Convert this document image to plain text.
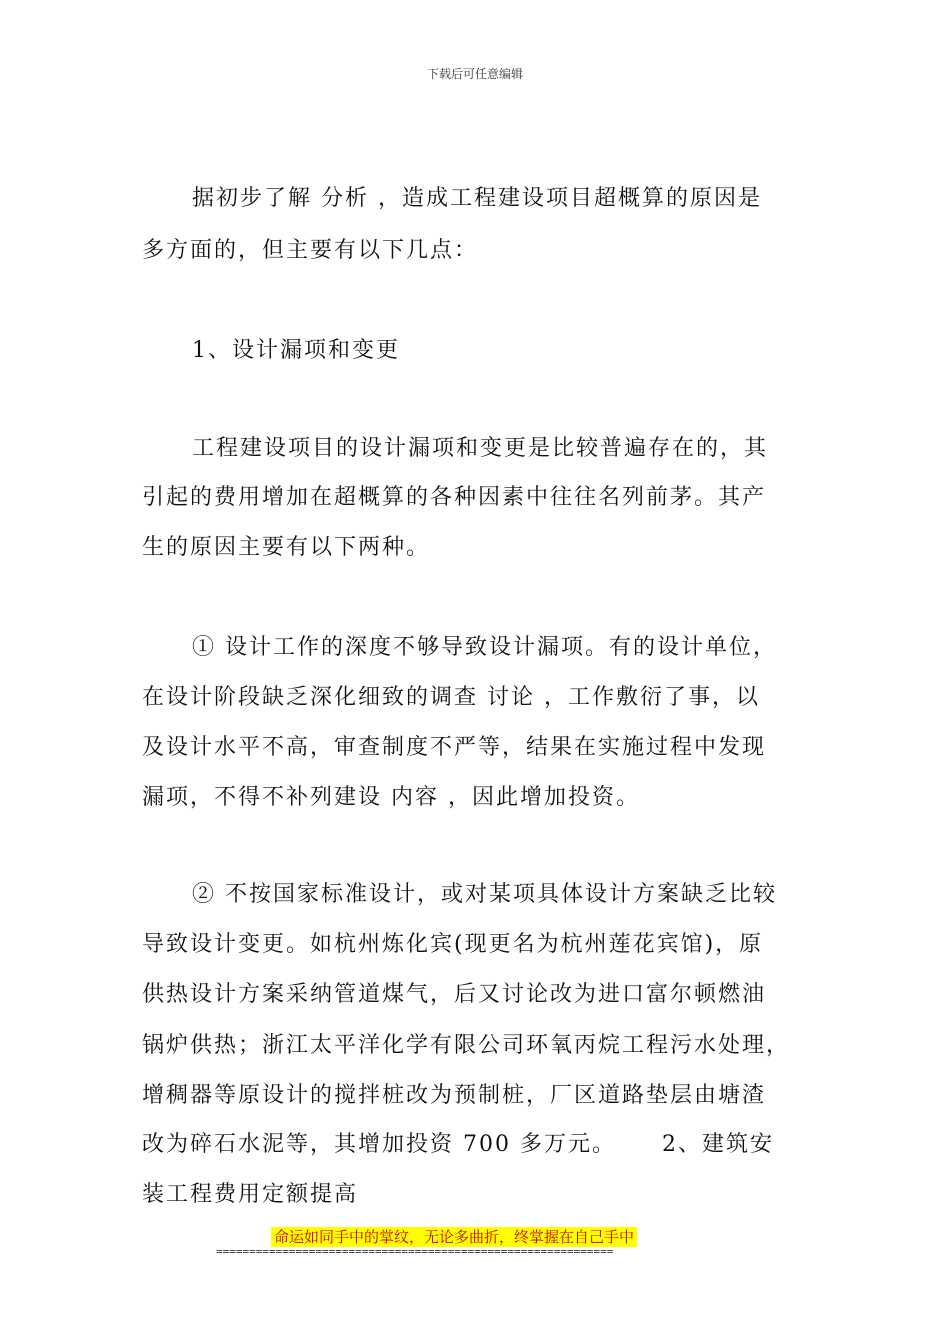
下载后可任意编辑
据初步了解 分析 ，造成工程建设项目超概算的原因是
多方面的，但主要有以下几点：
1、设计漏项和变更
工程建设项目的设计漏项和变更是比较普遍存在的，其
引起的费用增加在超概算的各种因素中往往名列前茅。其产
生的原因主要有以下两种。
① 设计工作的深度不够导致设计漏项。有的设计单位，
在设计阶段缺乏深化细致的调查 讨论 ，工作敷衍了事，以
及设计水平不高，审查制度不严等，结果在实施过程中发现
漏项，不得不补列建设 内容 ，因此增加投资。
② 不按国家标准设计，或对某项具体设计方案缺乏比较
导致设计变更。如杭州炼化宾(现更名为杭州莲花宾馆)，原
供热设计方案采纳管道煤气，后又讨论改为进口富尔顿燃油
锅炉供热；浙江太平洋化学有限公司环氧丙烷工程污水处理，
增稠器等原设计的搅拌桩改为预制桩，厂区道路垫层由塘渣
改为碎石水泥等，其增加投资 700 多万元。　　 2、建筑安
装工程费用定额提高
命运如同手中的掌纹，无论多曲折，终掌握在自己手中
============================================================
